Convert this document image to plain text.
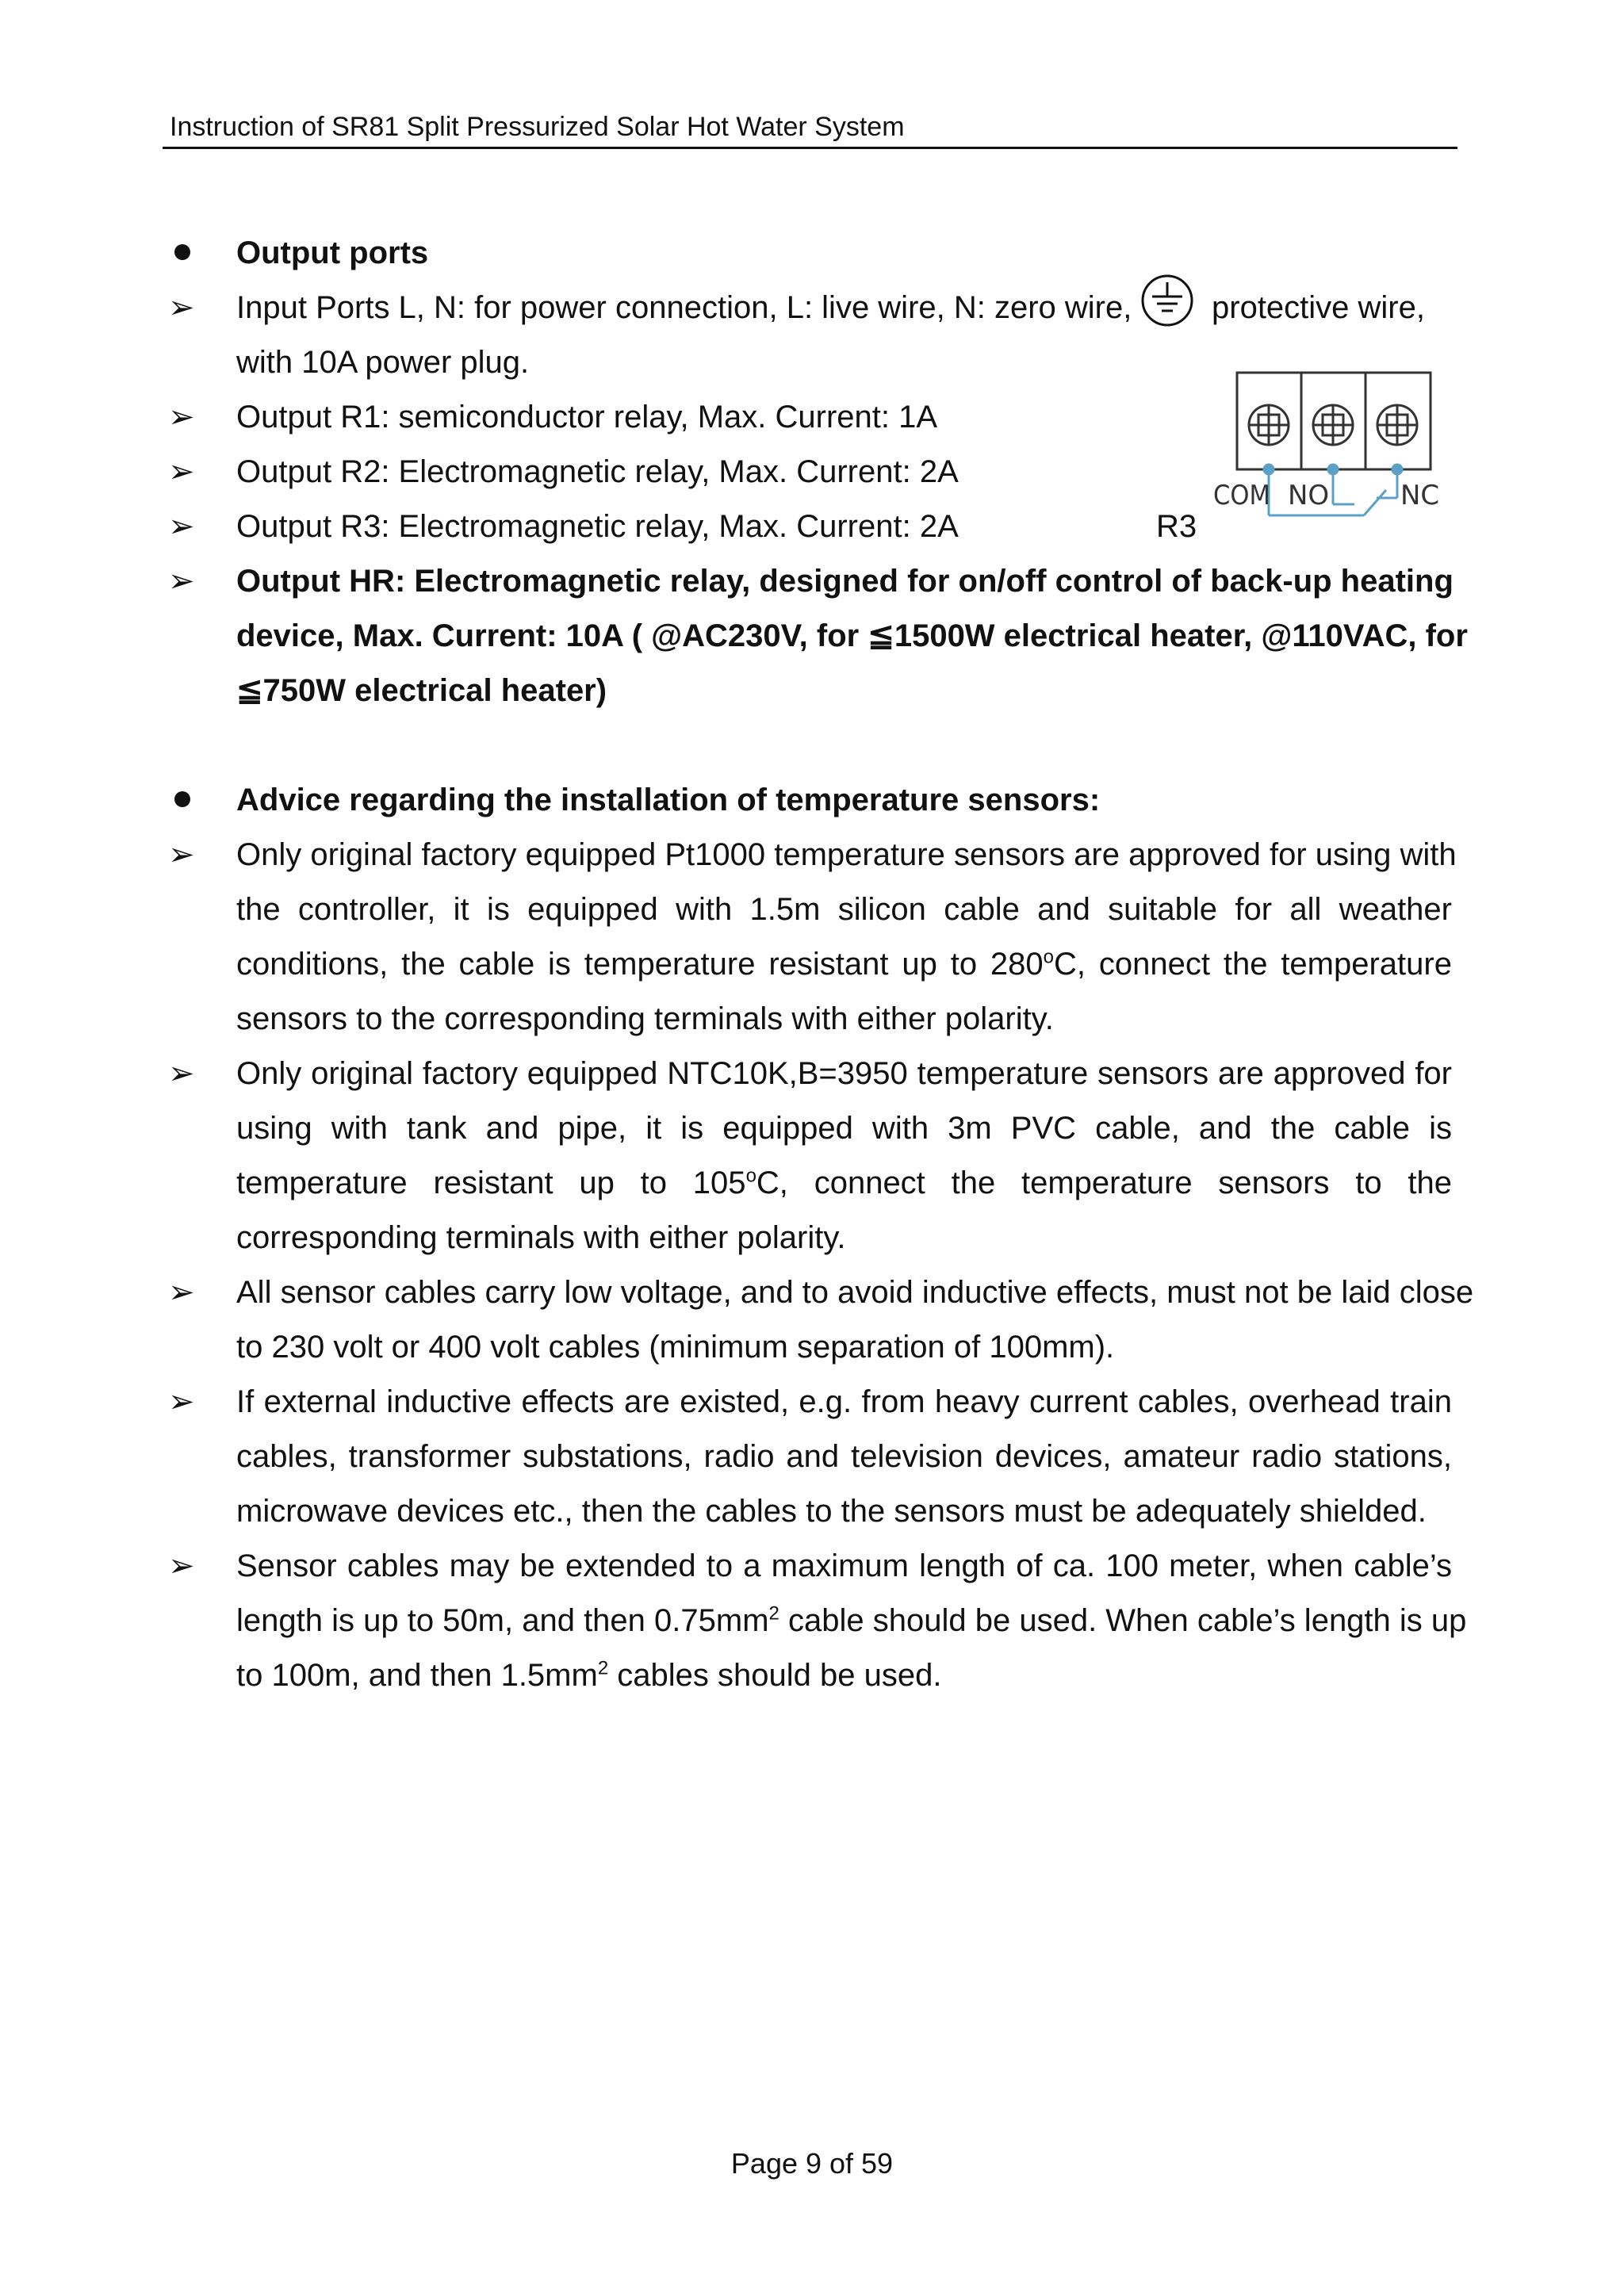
Instruction of SR81 Split Pressurized Solar Hot Water System
Output ports
➢ Input Ports L, N: for power connection, L: live wire, N: zero wire,	protective wire,
with 10A power plug.
➢ Output R1: semiconductor relay, Max. Current: 1A
➢ Output R2: Electromagnetic relay, Max. Current: 2A
➢ Output R3: Electromagnetic relay, Max. Current: 2A	R3
COM NO	NC
➢ Output HR: Electromagnetic relay, designed for on/off control of back-up heating
device, Max. Current: 10A ( @AC230V, for ≦1500W electrical heater, @110VAC, for
≦750W electrical heater)
Advice regarding the installation of temperature sensors:
➢ Only original factory equipped Pt1000 temperature sensors are approved for using with
the controller, it is equipped with 1.5m silicon cable and suitable for all weather
conditions, the cable is temperature resistant up to 280$^o$C, connect the temperature
sensors to the corresponding terminals with either polarity.
➢ Only original factory equipped NTC10K,B=3950 temperature sensors are approved for
using with tank and pipe, it is equipped with 3m PVC cable, and the cable is
temperature resistant up to 105$^o$C, connect the temperature sensors to the
corresponding terminals with either polarity.
➢ All sensor cables carry low voltage, and to avoid inductive effects, must not be laid close
to 230 volt or 400 volt cables (minimum separation of 100mm).
➢ If external inductive effects are existed, e.g. from heavy current cables, overhead train
cables, transformer substations, radio and television devices, amateur radio stations,
microwave devices etc., then the cables to the sensors must be adequately shielded.
➢ Sensor cables may be extended to a maximum length of ca. 100 meter, when cable’s
length is up to 50m, and then $0.75mm^2$ cable should be used. When cable’s length is up
to 100m, and then $1.5mm^2$ cables should be used.
Page 9 of 59
